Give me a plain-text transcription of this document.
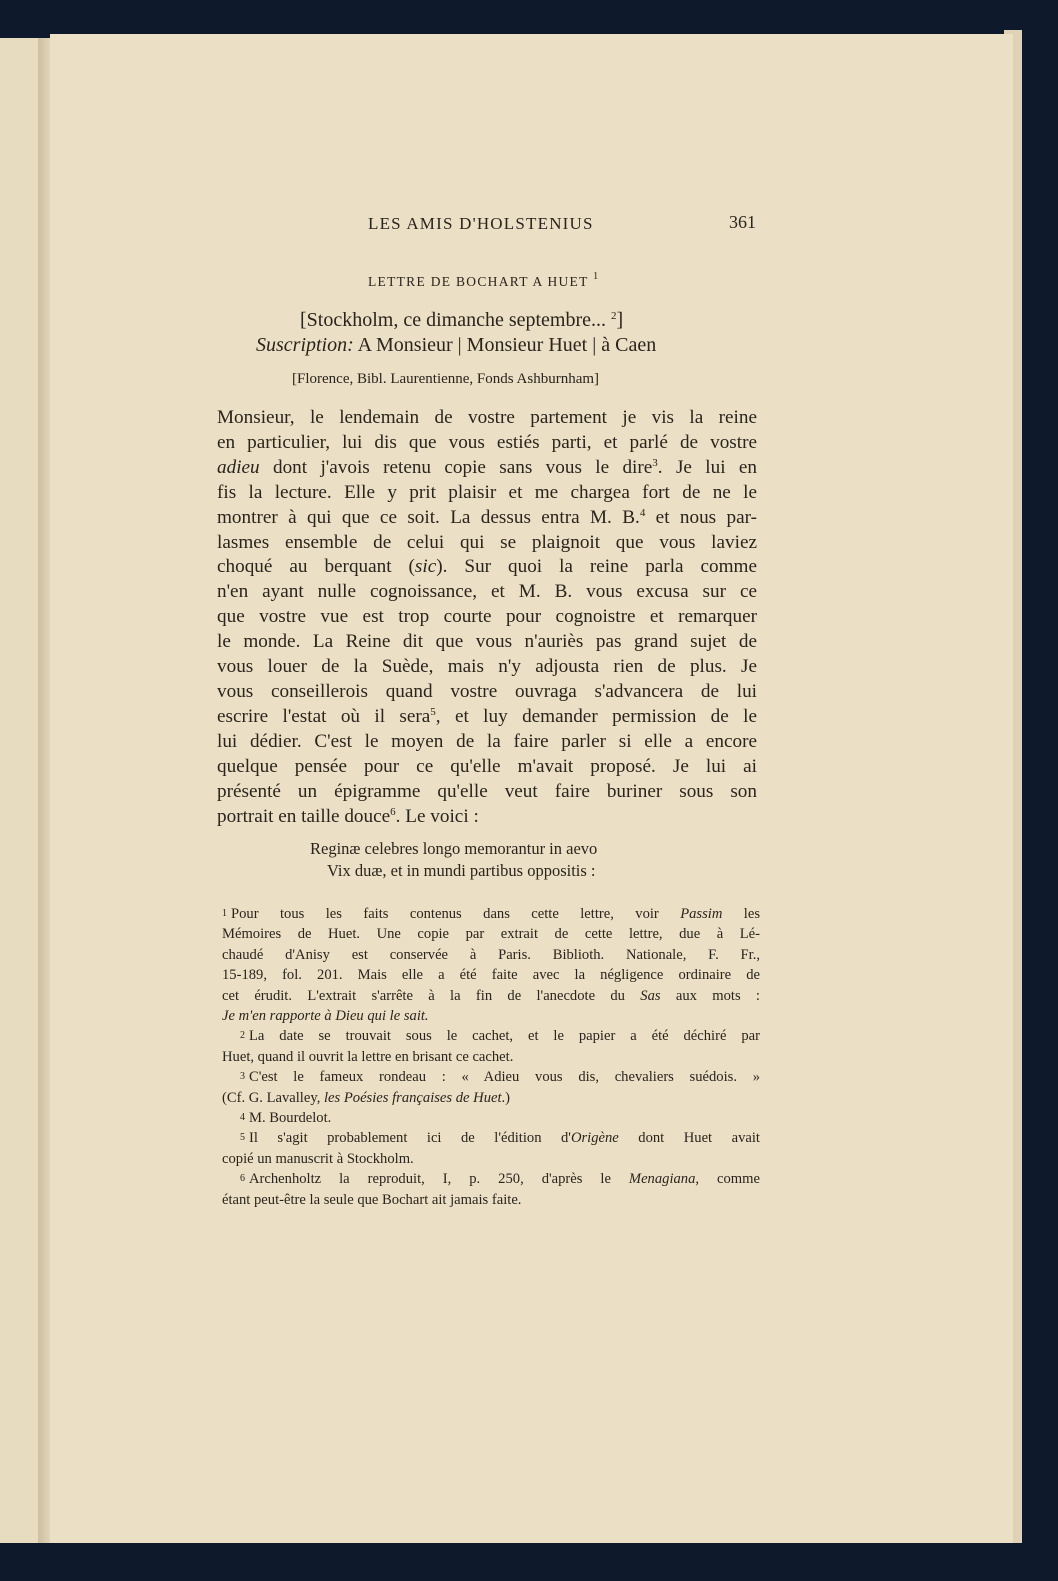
LES AMIS D'HOLSTENIUS	361
LETTRE DE BOCHART A HUET $^1$
[Stockholm, ce dimanche septembre... $^2$]
Suscription: A Monsieur | Monsieur Huet | à Caen
[Florence, Bibl. Laurentienne, Fonds Ashburnham]
Monsieur, le lendemain de vostre partement je vis la reine
en particulier, lui dis que vous estiés parti, et parlé de vostre
adieu dont j'avois retenu copie sans vous le dire$^3$. Je lui en
fis la lecture. Elle y prit plaisir et me chargea fort de ne le
montrer à qui que ce soit. La dessus entra M. B.$^4$ et nous par-
lasmes ensemble de celui qui se plaignoit que vous laviez
choqué au berquant (sic). Sur quoi la reine parla comme
n'en ayant nulle cognoissance, et M. B. vous excusa sur ce
que vostre vue est trop courte pour cognoistre et remarquer
le monde. La Reine dit que vous n'auriès pas grand sujet de
vous louer de la Suède, mais n'y adjousta rien de plus. Je
vous conseillerois quand vostre ouvraga s'advancera de lui
escrire l'estat où il sera$^5$, et luy demander permission de le
lui dédier. C'est le moyen de la faire parler si elle a encore
quelque pensée pour ce qu'elle m'avait proposé. Je lui ai
présenté un épigramme qu'elle veut faire buriner sous son
portrait en taille douce$^6$. Le voici :
Reginæ celebres longo memorantur in aevo
Vix duæ, et in mundi partibus oppositis :
1 Pour tous les faits contenus dans cette lettre, voir Passim les
Mémoires de Huet. Une copie par extrait de cette lettre, due à Lé-
chaudé d'Anisy est conservée à Paris. Biblioth. Nationale, F. Fr.,
15-189, fol. 201. Mais elle a été faite avec la négligence ordinaire de
cet érudit. L'extrait s'arrête à la fin de l'anecdote du Sas aux mots :
Je m'en rapporte à Dieu qui le sait.
2 La date se trouvait sous le cachet, et le papier a été déchiré par
Huet, quand il ouvrit la lettre en brisant ce cachet.
3 C'est le fameux rondeau : « Adieu vous dis, chevaliers suédois. »
(Cf. G. Lavalley, les Poésies françaises de Huet.)
4 M. Bourdelot.
5 Il s'agit probablement ici de l'édition d'Origène dont Huet avait
copié un manuscrit à Stockholm.
6 Archenholtz la reproduit, I, p. 250, d'après le Menagiana, comme
étant peut-être la seule que Bochart ait jamais faite.
